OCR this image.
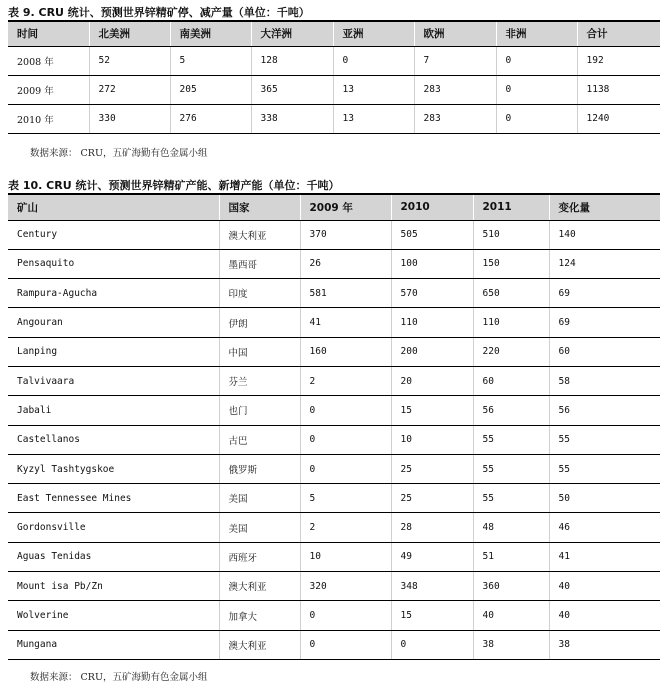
表 9. CRU 统计、预测世界锌精矿停、减产量（单位：千吨）
时间	北美洲	南美洲	大洋洲	亚洲	欧洲	非洲	合计
2008 年	52	5	128	0	7	0	192
2009 年	272	205	365	13	283	0	1138
2010 年	330	276	338	13	283	0	1240
数据来源： CRU，五矿海勤有色金属小组
表 10. CRU 统计、预测世界锌精矿产能、新增产能（单位：千吨）
矿山	国家	2009 年	2010	2011	变化量
Century	澳大利亚	370	505	510	140
Pensaquito	墨西哥	26	100	150	124
Rampura-Agucha	印度	581	570	650	69
Angouran	伊朗	41	110	110	69
Lanping	中国	160	200	220	60
Talvivaara	芬兰	2	20	60	58
Jabali	也门	0	15	56	56
Castellanos	古巴	0	10	55	55
Kyzyl Tashtygskoe	俄罗斯	0	25	55	55
East Tennessee Mines	美国	5	25	55	50
Gordonsville	美国	2	28	48	46
Aguas Tenidas	西班牙	10	49	51	41
Mount isa Pb/Zn	澳大利亚	320	348	360	40
Wolverine	加拿大	0	15	40	40
Mungana	澳大利亚	0	0	38	38
数据来源： CRU，五矿海勤有色金属小组
